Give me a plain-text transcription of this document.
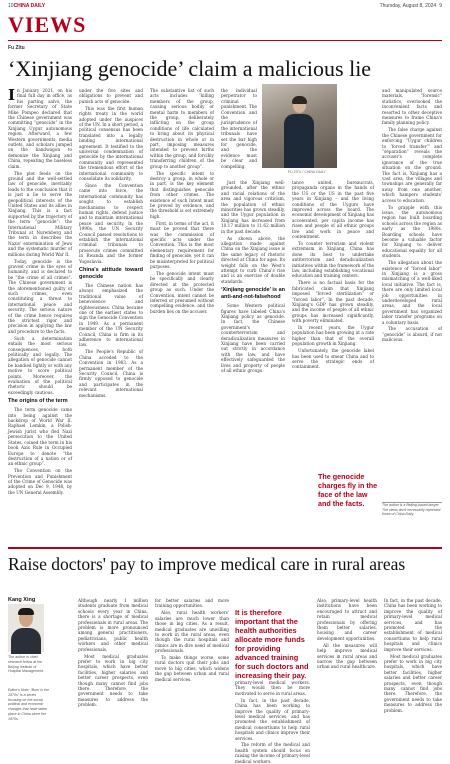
10 CHINA DAILY	Thursday, August 8, 2024 9
VIEWS
Fu Zitu
‘Xinjiang genocide’ claim a malicious lie

In January 2021, on his final full day in office, as his parting salvo, the former Secretary of State Mike Pompeo declared that the Chinese government was committing “genocide” in the Xinjiang Uygur autonomous region. Afterward, a few Western governments, media outlets, and scholars jumped on the bandwagon to demonize the Xinjiang and China, repeating the baseless claim.

The plot feeds on the ground and the well-settled law of genocide, inevitably leads to the conclusion that it is just a lie to serve the geopolitical interests of the United States and its allies in Xinjiang. This is a fact supported by the trajectory of the term “genocide”: the International Military Tribunal at Nuremberg and the term in describes the Nazis' extermination of Jews and the systematic murder of millions during World War II.

Today, genocide is the gravest crime in the eyes of humanity, and is declared to be “the crime of all crimes”. The Chinese government is the aforementioned guilty of such crimes, even constituting a threat to international peace and security. The serious nature of the crime hence requires the strictest rigor and precision in applying the law and procedure to the facts.

Such a determination entails the most serious consequences, both politically and legally. The allegation of genocide cannot be bandied lightly or with any motive to score political points. Moreover, the evaluation of the political rhetoric should be exceedingly cautious.

The origins of the term

The term genocide came into being against the backdrop of World War II. Raphael Lemkin, a Polish-Jewish jurist who fled Nazi persecution to the United States, coined the term in his book Axis Rule in Occupied Europe to denote “the destruction of a nation or of an ethnic group”.

The Convention on the Prevention and Punishment of the Crime of Genocide was adopted on Dec 9, 1948, by the UN General Assembly.

under the five sites and obligations to prevent and punish acts of genocide.

This was the first human rights treaty in the world adopted under the auspices of the UN. In a short period, a political consensus has been translated into a legally binding international agreement. It testified to the universal condemnation of genocide by the international community and represented the tremendous effort of the international community to consolidate its solidarity.

Since the Convention came into force, the international community has sought to establish mechanisms to respect human rights, defend justice and to maintain international peace and security. In the 1990s, the UN Security Council passed resolutions to establish the international criminal tribunals to prosecute crimes committed in Rwanda and the former Yugoslavia.

China's attitude toward genocide

The Chinese nation has always emphasized the traditional value of benevolence and righteousness. China became one of the earliest states to sign the Genocide Convention in 1949. As a permanent member of the UN Security Council, China is firm in its adherence to international law.

The People's Republic of China acceded to the Convention in 1983. As a permanent member of the Security Council, China is firmly opposed to genocide and participates in the relevant international mechanisms.

The substantive list of such acts includes “killing members of the group, causing serious bodily or mental harm to members of the group, deliberately inflicting on the group conditions of life calculated to bring about its physical destruction in whole or in part, imposing measures intended to prevent births within the group, and forcibly transferring children of the group to another group”.

The specific intent to destroy a group, in whole or in part, is the key element that distinguishes genocide from other crimes. The existence of such intent must be proved by evidence, and the threshold is set extremely high.

First, in terms of the act, it must be proved that there was the commission of specific acts under the Convention. This is the most elementary requirement for finding of genocide, yet it can be misinterpreted for political purposes.

The genocide intent must be specifically and clearly directed at the protected group as such. Under the Convention, intent cannot be inferred or presumed without compelling evidence, and the burden lies on the accuser.

the individual perpetrator to criminal punishment. The Convention and the jurisprudence of the international tribunals have set the bar high for genocide, and the evidence must be clear and compelling.

FU ZITU / CHINA DAILY

Just the Xinjiang well-grounded, after the ethnic and racial relations of the area and vigorous criticism, the population of ethnic minorities has grown steadily, and the Uygur population in Xinjiang has increased from 10.17 million to 11.62 million in the past decade.

As shown above, the allegation made against China on the Xinjiang issue is the same legacy of rhetoric directed at China for ages. Its weight falls on the West's attempt to curb China's rise and is an exercise of double standards.

‘Xinjiang genocide’ is an anti-and-not-falsehood

Some Western political figures have labeled China's Xinjiang policy as genocide. In fact, the Chinese government's counterterrorism and deradicalization measures in Xinjiang have been carried out strictly in accordance with the law, and have effectively safeguarded the lives and property of people of all ethnic groups.

tance united, bureaucrats, propaganda organs in the hands of the US or the US in the past five years in Xinjiang – and the living conditions of the Uygurs have improved across the board. The economic development of Xinjiang has accelerated, per capita income has risen and people of all ethnic groups live and work in peace and contentment.

To counter terrorism and violent extremism in Xinjiang, China has done its best to undertake antiterrorism and deradicalization initiatives within the framework of the law, including establishing vocational education and training centers.

There is no factual basis for the fabricated claim that Xinjiang imposed “forced sterilization” or “forced labor”. In the past decade, Xinjiang's GDP has grown steadily, and the income of people of all ethnic groups has increased significantly, with poverty eliminated.

In recent years, the Uygur population has been growing at a rate higher than that of the overall population growth in Xinjiang.

Unfortunately, the genocide label has been used to smear China and to serve the strategic ends of containment.

The genocide charges fly in the face of the law and the facts.

and manipulated source materials, “forensic” statistics, overlooked the inconvenient facts and resorted to other deceptive measures to frame China's family planning policy.

The false charge against the Chinese government for enforcing “Uygur children to ‘forced transfer’” and “separation” reveals the accuser's complete ignorance of the true situation on the ground. The fact is, Xinjiang has a vast area, the villages and townships are generally far away from one another, which hampers students' access to education.

To grapple with this issue, the autonomous region has built boarding schools across the region as early as the 1980s. Boarding schools have become a valuable factor for Xinjiang to deliver educational equality for all students.

The allegation about the existence of “forced labor” in Xinjiang is a gross mismatching of a well-liked local initiative. The fact is, there are only limited local job opportunities in underdeveloped rural areas, and the local government has organized labor transfer programs on a voluntary basis.

The accusation of “genocide” is absurd, if not malicious.

The author is a Beijing-based lawyer. The views don't necessarily represent those of China Daily.
Raise doctors' pay to improve medical care in rural areas
Kang Xing

The author is chief research fellow at the Beijing Institute of Hospital Management.

Editor's Note: “Born in the 1970s” is a series focusing on the social, political and economic changes that have taken place in China since the 1970s.

Although nearly 1 million students graduate from medical schools every year in China, there is a shortage of medical professionals in rural areas. The problem is more pronounced among general practitioners, pediatricians, public health workers and other medical professionals.

Most medical graduates prefer to work in big city hospitals, which have better facilities, higher salaries and better career prospects, even though many cannot find jobs there. Therefore, the government needs to take measures to address the problem.

for better salaries and more training opportunities.

Also, rural health workers' salaries are much lower than those in big cities. As a result, medical graduates are unwilling to work in the rural areas, even though the rural hospitals and clinics are in dire need of medical professionals.

To make things worse, some rural doctors quit their jobs and move to big cities, which widens the gap between urban and rural medical services.

It is therefore important that the health authorities allocate more funds for providing advanced training for such doctors and increasing their pay.

primary-level medical workers. They would then be more motivated to serve in rural areas.

In fact, in the past decade, China has been working to improve the quality of primary-level medical services, and has promoted the establishment of medical consortiums to help rural hospitals and clinics improve their services.

The reform of the medical and health system should focus on raising the income of primary-level medical workers.

Also, primary-level health institutions have been encouraged to attract and retain medical professionals by offering them better salaries, housing and career development opportunities.

All the measures will help improve medical services in rural areas and narrow the gap between urban and rural healthcare.

In fact, in the past decade, China has been working to improve the quality of primary-level medical services, and has promoted the establishment of medical consortiums to help rural hospitals and clinics improve their services.

Most medical graduates prefer to work in big city hospitals, which have better facilities, higher salaries and better career prospects, even though many cannot find jobs there. Therefore, the government needs to take measures to address the problem.
